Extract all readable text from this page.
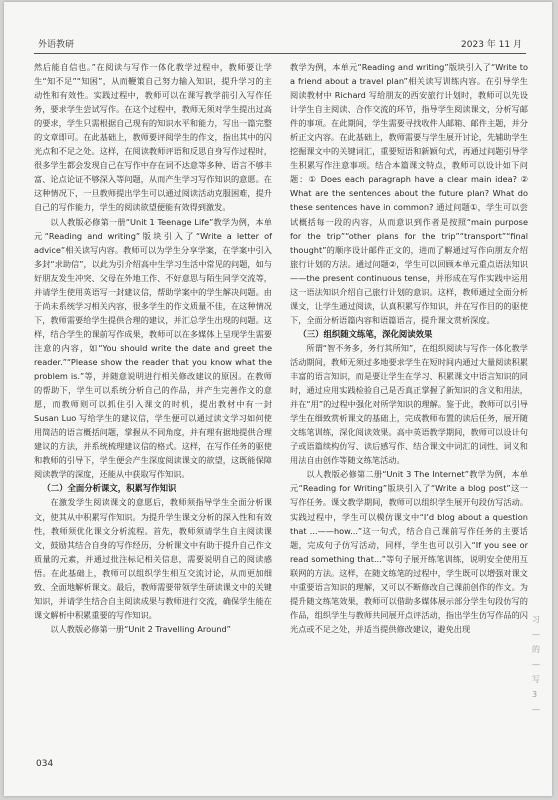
外语教研	2023 年 11 月

然后能自信也。”在阅读与写作一体化教学过程中，教师要让学生“知不足”“知困”，从而鞭策自己努力输入知识，提升学习的主动性和有效性。实践过程中，教师可以在课写教学前引入写作任务，要求学生尝试写作。在这个过程中，教师无须对学生提出过高的要求，学生只需根据自己现有的知识水平和能力，写出一篇完整的文章即可。在此基础上，教师要评阅学生的作文，指出其中的闪光点和不足之处。这样，在阅读教师评语和反思自身写作过程时，很多学生都会发现自己在写作中存在词不达意等多种、语言不够丰富、论点论证不够深入等问题，从而产生学习写作知识的意愿。在这种情况下，一旦教师提出学生可以通过阅读活动克服困难，提升自己的写作能力，学生的阅读欲望便能有效得到激发。

以人教版必修第一册“Unit 1 Teenage Life”教学为例，本单元“Reading and writing”版块引入了“Write a letter of advice”相关读写内容。教师可以为学生分享学案，在学案中引入多封“求助信”，以此为引介绍高中生学习生活中常见的问题，如与好朋友发生冲突、父母在外地工作、不好意思与陌生同学交流等，并请学生使用英语写一封建议信，帮助学案中的学生解决问题。由于尚未系统学习相关内容，很多学生的作文质量不佳，在这种情况下，教师需要给学生提供合理的建议，并汇总学生出现的问题。这样，结合学生的课前写作成果，教师可以在多媒体上呈现学生需要注意的内容，如“You should write the date and greet the reader.”“Please show the reader that you know what the problem is.”等，并随意说明进行相关修改建议的原因。在教师的帮助下，学生可以系统分析自己的作品，并产生完善作文的意愿，而教师则可以抓住引入课文的时机，提出教材中有一封 Susan Luo 写给学生的建议信，学生便可以通过读文学习如何使用简洁的语言概括问题，掌握从不同角度，并有理有据地提供合理建议的方法，并系统梳理建议信的格式。这样，在写作任务的驱使和教师的引导下，学生便会产生深度阅读课文的欲望，这既能保障阅读教学的深度，还能从中获取写作知识。

（二）全面分析课文，积累写作知识

在激发学生阅读课文的意愿后，教师须指导学生全面分析课文，使其从中积累写作知识。为提升学生课文分析的深入性和有效性，教师须优化课文分析流程。首先，教师须请学生自主阅读课文，鼓励其结合自身的写作经历，分析课文中有助于提升自己作文质量的元素，并通过批注标记相关信息，需要说明自己的阅读感悟。在此基础上，教师可以组织学生相互交流讨论，从而更加细致、全面地解析课文。最后，教师需要带领学生研读课文中的关键知识，并请学生结合自主阅读成果与教师进行交流，确保学生能在课文解析中积累重要的写作知识。

以人教版必修第一册“Unit 2 Travelling Around”

教学为例，本单元“Reading and writing”版块引入了“Write to a friend about a travel plan”相关读写训练内容。在引导学生阅读教材中 Richard 写给朋友的西安旅行计划时，教师可以先设计学生自主阅读、合作交流的环节，指导学生阅读课文，分析写邮件的事项。在此期间，学生需要寻找收件人邮箱、邮件主题，并分析正文内容。在此基础上，教师需要与学生展开讨论，先辅助学生挖掘课文中的关键词汇，重要短语和新颖句式，再通过问题引导学生积累写作注意事项。结合本篇课文特点，教师可以设计如下问题：① Does each paragraph have a clear main idea? ② What are the sentences about the future plan? What do these sentences have in common? 通过问题①，学生可以尝试概括每一段的内容，从而意识到作者是按照“main purpose for the trip”“other plans for the trip”“transport”“final thought”的顺序设计邮件正文的，进而了解通过写作向朋友介绍旅行计划的方法。通过问题②，学生可以回顾本单元重点语法知识——the present continuous tense，并形成在写作实践中运用这一语法知识介绍自己旅行计划的意识。这样，教师通过全面分析课文，让学生通过阅读，认真积累写作知识，并在写作目的的驱使下，全面分析语篇内容和语篇语言，提升课文赏析深度。

（三）组织随文练笔，深化阅读效果

所谓“智不务多，务行其所知”，在组织阅读与写作一体化教学活动期间，教师无须过多地要求学生在短时间内通过大量阅读积累丰富的语言知识，而是要让学生在学习、积累课文中语言知识的同时，通过应用实践检验自己是否真正掌握了新知识的含义和用法，并在“用”的过程中强化对所学知识的理解。鉴于此，教师可以引导学生在细致赏析课文的基础上，完成教师布置的读后任务，展开随文练笔训练，深化阅读效果。高中英语教学期间，教师可以设计句子或语篇续构仿写、读后感写作、结合课文中词汇的词性、词义和用法自由创作等随文练笔活动。

以人教版必修第二册“Unit 3 The Internet”教学为例，本单元“Reading for Writing”版块引入了“Write a blog post”这一写作任务。课文教学期间，教师可以组织学生展开句段仿写活动。实践过程中，学生可以模仿课文中“I’d blog about a question that ...——how...”这一句式，结合自己课前写作任务的主要话题，完成句子仿写活动，同样，学生也可以引入“If you see or read something that...”等句子展开练笔训练，说明安全使用互联网的方法。这样，在随文练笔的过程中，学生既可以增强对课文中重要语言知识的理解，又可以不断修改自己课前创作的作文。为提升随文练笔效果，教师可以借助多媒体展示部分学生句段仿写的作品，组织学生与教师共同展开点评活动，指出学生仿写作品的闪光点或不足之处，并适当提供修改建议，避免出现

习 — 的 — 写 3 —
034
